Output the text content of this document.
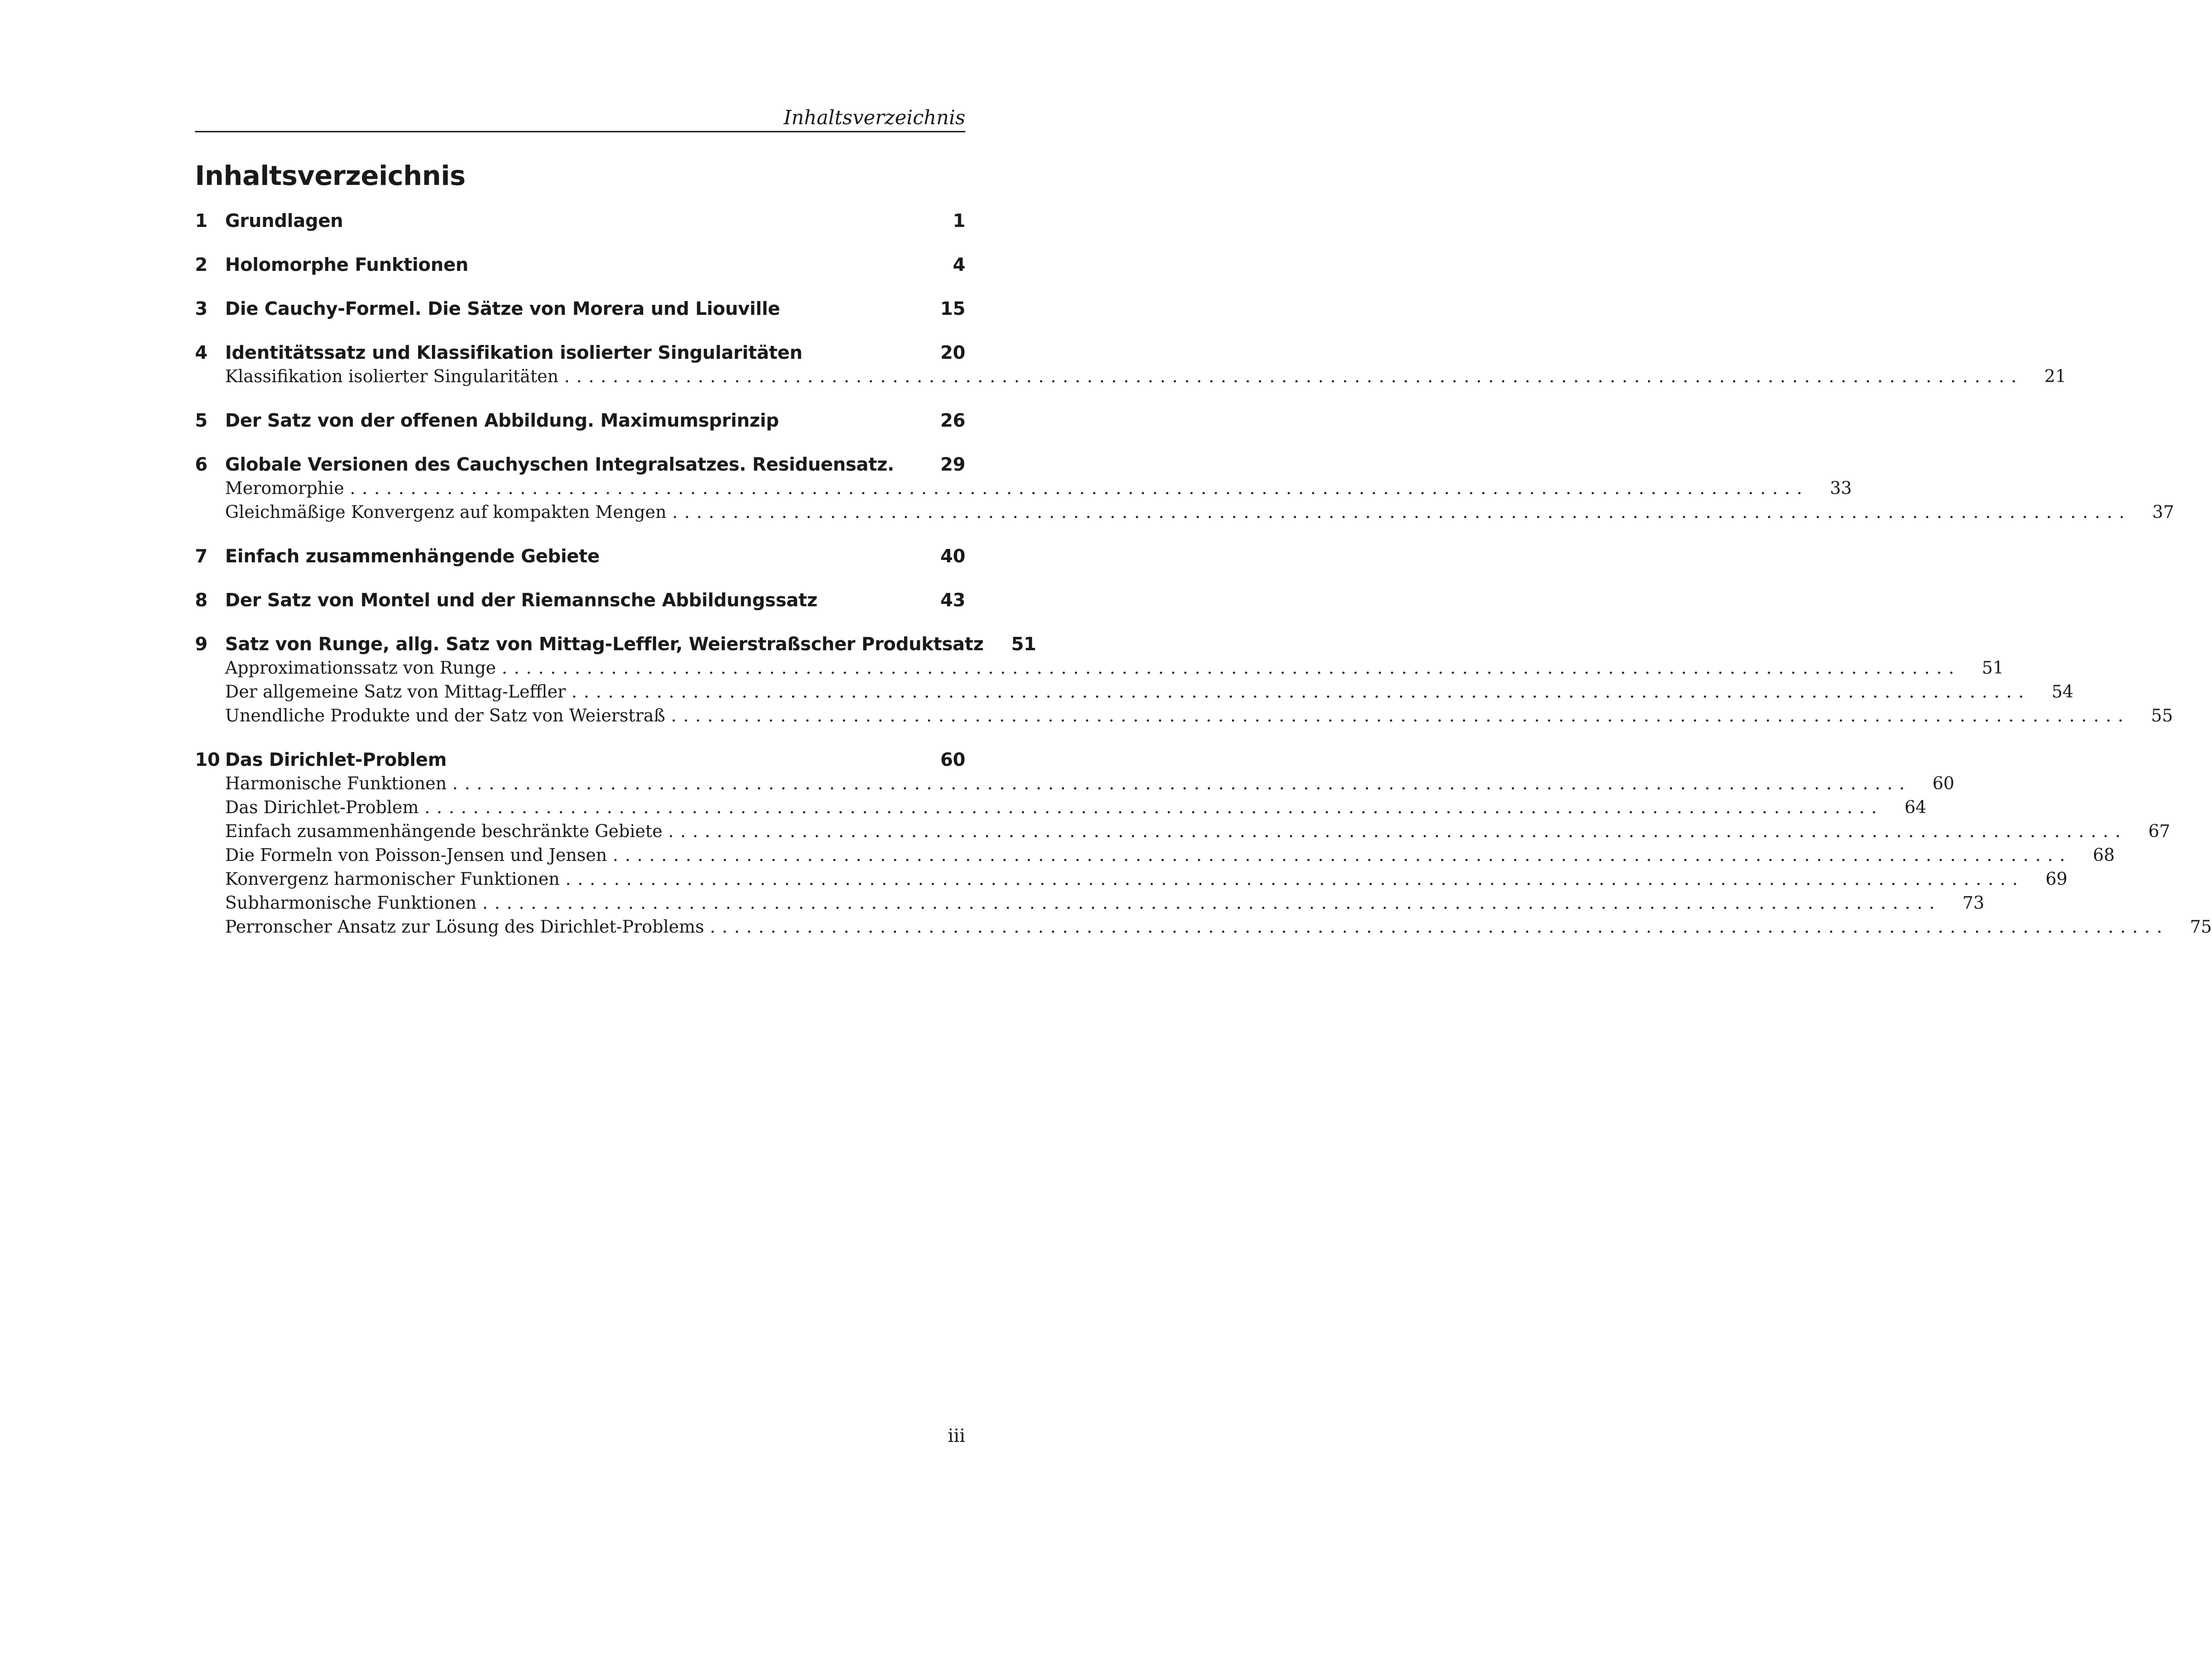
Inhaltsverzeichnis
Inhaltsverzeichnis
1 Grundlagen	1
2 Holomorphe Funktionen	4
3 Die Cauchy-Formel. Die Sätze von Morera und Liouville	15
4 Identitätssatz und Klassifikation isolierter Singularitäten	20
Klassifikation isolierter Singularitäten ........................................................................................................................	21
5 Der Satz von der offenen Abbildung. Maximumsprinzip	26
6 Globale Versionen des Cauchyschen Integralsatzes. Residuensatz.	29
Meromorphie ........................................................................................................................	33
Gleichmäßige Konvergenz auf kompakten Mengen ........................................................................................................................	37
7 Einfach zusammenhängende Gebiete	40
8 Der Satz von Montel und der Riemannsche Abbildungssatz	43
9 Satz von Runge, allg. Satz von Mittag-Leffler, Weierstraßscher Produktsatz	51
Approximationssatz von Runge ........................................................................................................................	51
Der allgemeine Satz von Mittag-Leffler ........................................................................................................................	54
Unendliche Produkte und der Satz von Weierstraß ........................................................................................................................	55
10 Das Dirichlet-Problem	60
Harmonische Funktionen ........................................................................................................................	60
Das Dirichlet-Problem ........................................................................................................................	64
Einfach zusammenhängende beschränkte Gebiete ........................................................................................................................	67
Die Formeln von Poisson-Jensen und Jensen ........................................................................................................................	68
Konvergenz harmonischer Funktionen ........................................................................................................................	69
Subharmonische Funktionen ........................................................................................................................	73
Perronscher Ansatz zur Lösung des Dirichlet-Problems ........................................................................................................................	75
iii
